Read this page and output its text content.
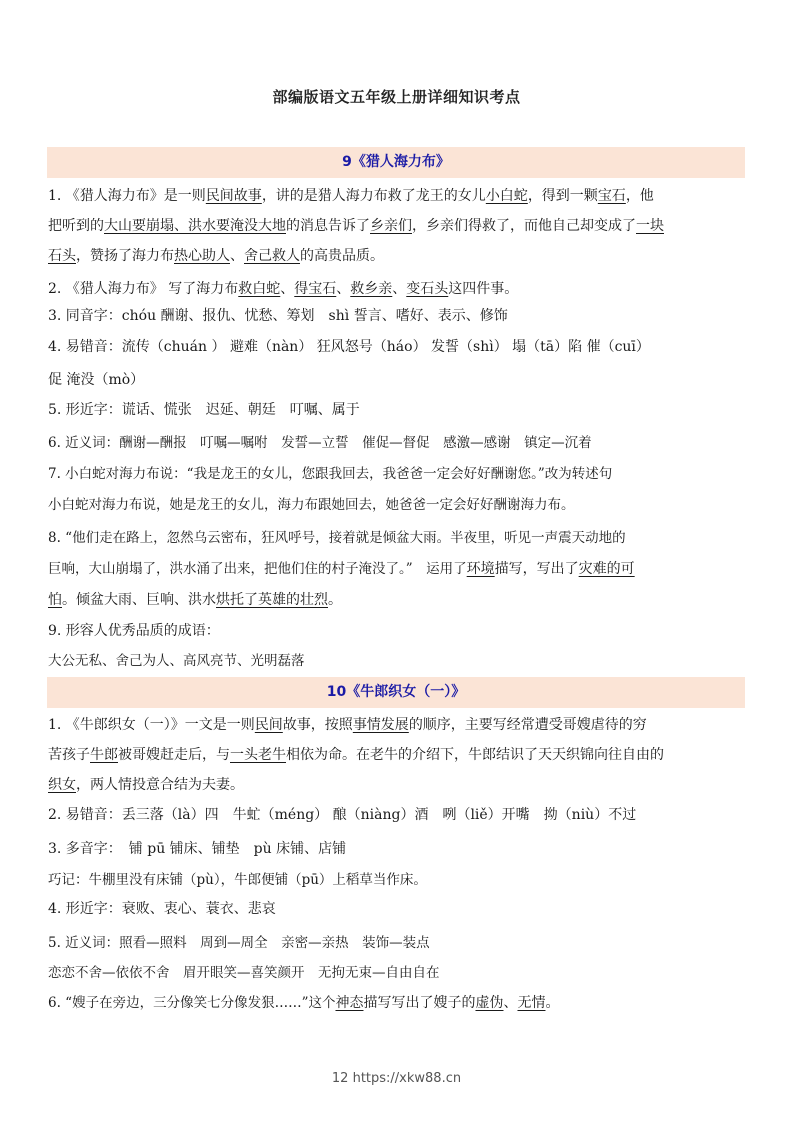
部编版语文五年级上册详细知识考点
9《猎人海力布》
1. 《猎人海力布》是一则民间故事，讲的是猎人海力布救了龙王的女儿小白蛇，得到一颗宝石，他
把听到的大山要崩塌、洪水要淹没大地的消息告诉了乡亲们，乡亲们得救了，而他自己却变成了一块
石头，赞扬了海力布热心助人、舍己救人的高贵品质。
2. 《猎人海力布》 写了海力布救白蛇、得宝石、救乡亲、变石头这四件事。
3. 同音字：chóu 酬谢、报仇、忧愁、筹划　shì 誓言、嗜好、表示、修饰
4. 易错音：流传（chuán ） 避难（nàn） 狂风怒号（háo） 发誓（shì） 塌（tā）陷 催（cuī）
促 淹没（mò）
5. 形近字：谎话、慌张　迟延、朝廷　叮嘱、属于
6. 近义词：酬谢—酬报　叮嘱—嘱咐　发誓—立誓　催促—督促　感激—感谢　镇定—沉着
7. 小白蛇对海力布说：“我是龙王的女儿，您跟我回去，我爸爸一定会好好酬谢您。”改为转述句
小白蛇对海力布说，她是龙王的女儿，海力布跟她回去，她爸爸一定会好好酬谢海力布。
8. “他们走在路上，忽然乌云密布，狂风呼号，接着就是倾盆大雨。半夜里，听见一声震天动地的
巨响，大山崩塌了，洪水涌了出来，把他们住的村子淹没了。”　运用了环境描写，写出了灾难的可
怕。倾盆大雨、巨响、洪水烘托了英雄的壮烈。
9. 形容人优秀品质的成语：
大公无私、舍己为人、高风亮节、光明磊落
10《牛郎织女（一）》
1. 《牛郎织女（一）》一文是一则民间故事，按照事情发展的顺序，主要写经常遭受哥嫂虐待的穷
苦孩子牛郎被哥嫂赶走后，与一头老牛相依为命。在老牛的介绍下，牛郎结识了天天织锦向往自由的
织女，两人情投意合结为夫妻。
2. 易错音：丢三落（là）四　牛虻（méng） 酿（niàng）酒　咧（liě）开嘴　拗（niù）不过
3. 多音字：　铺 pū 铺床、铺垫　pù 床铺、店铺
巧记：牛棚里没有床铺（pù），牛郎便铺（pū）上稻草当作床。
4. 形近字：衰败、衷心、蓑衣、悲哀
5. 近义词：照看—照料　周到—周全　亲密—亲热　装饰—装点
恋恋不舍—依依不舍　眉开眼笑—喜笑颜开　无拘无束—自由自在
6. “嫂子在旁边，三分像笑七分像发狠……”这个神态描写写出了嫂子的虚伪、无情。
12 https://xkw88.cn
